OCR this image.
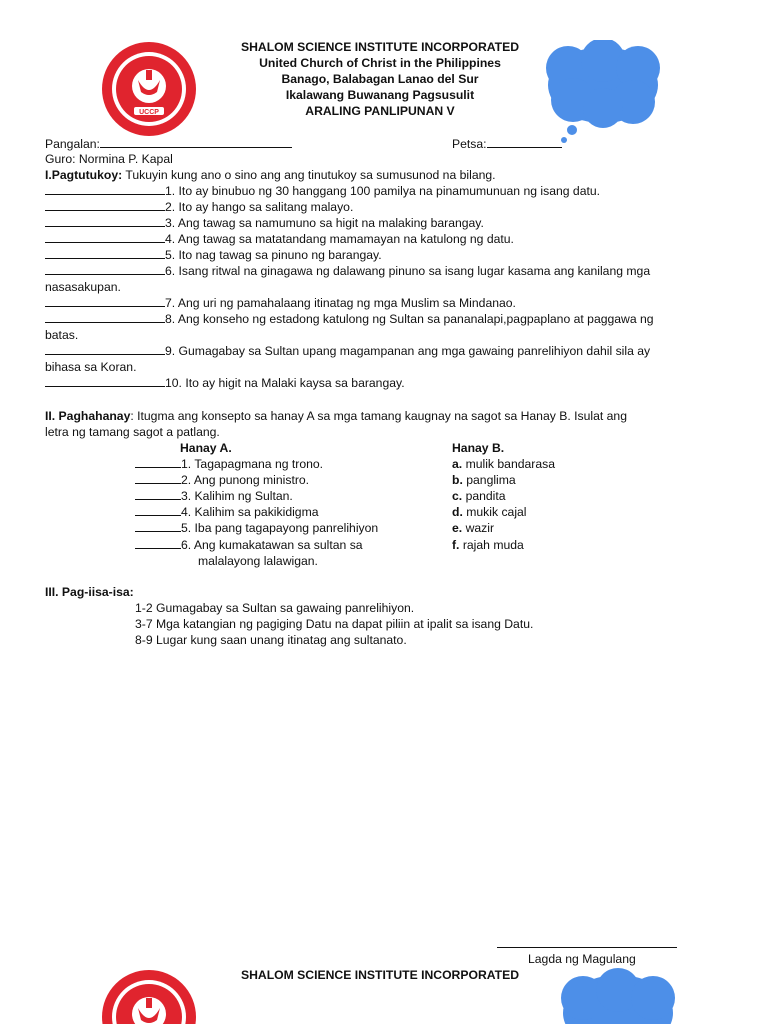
UCCP
SHALOM SCIENCE INSTITUTE INCORPORATED
United Church of Christ in the Philippines
Banago, Balabagan Lanao del Sur
Ikalawang Buwanang Pagsusulit
ARALING PANLIPUNAN V
Pangalan:	Petsa:
Guro: Normina P. Kapal
I.Pagtutukoy: Tukuyin kung ano o sino ang ang tinutukoy sa sumusunod na bilang.
1. Ito ay binubuo ng 30 hanggang 100 pamilya na pinamumunuan ng isang datu.
2. Ito ay hango sa salitang malayo.
3. Ang tawag sa namumuno sa higit na malaking barangay.
4. Ang tawag sa matatandang mamamayan na katulong ng datu.
5. Ito nag tawag sa pinuno ng barangay.
6. Isang ritwal na ginagawa ng dalawang pinuno sa isang lugar kasama ang kanilang mga
nasasakupan.
7. Ang uri ng pamahalaang itinatag ng mga Muslim sa Mindanao.
8. Ang konseho ng estadong katulong ng Sultan sa pananalapi,pagpaplano at paggawa ng
batas.
9. Gumagabay sa Sultan upang magampanan ang mga gawaing panrelihiyon dahil sila ay
bihasa sa Koran.
10. Ito ay higit na Malaki kaysa sa barangay.
II. Paghahanay: Itugma ang konsepto sa hanay A sa mga tamang kaugnay na sagot sa Hanay B. Isulat ang
letra ng tamang sagot a patlang.
Hanay A.	Hanay B.
1. Tagapagmana ng trono.
2. Ang punong ministro.
3. Kalihim ng Sultan.
4. Kalihim sa pakikidigma
5. Iba pang tagapayong panrelihiyon
6. Ang kumakatawan sa sultan sa
malalayong lalawigan.
a. mulik bandarasa
b. panglima
c. pandita
d. mukik cajal
e. wazir
f. rajah muda
III. Pag-iisa-isa:
1-2 Gumagabay sa Sultan sa gawaing panrelihiyon.
3-7 Mga katangian ng pagiging Datu na dapat piliin at ipalit sa isang Datu.
8-9 Lugar kung saan unang itinatag ang sultanato.
Lagda ng Magulang
SHALOM SCIENCE INSTITUTE INCORPORATED
